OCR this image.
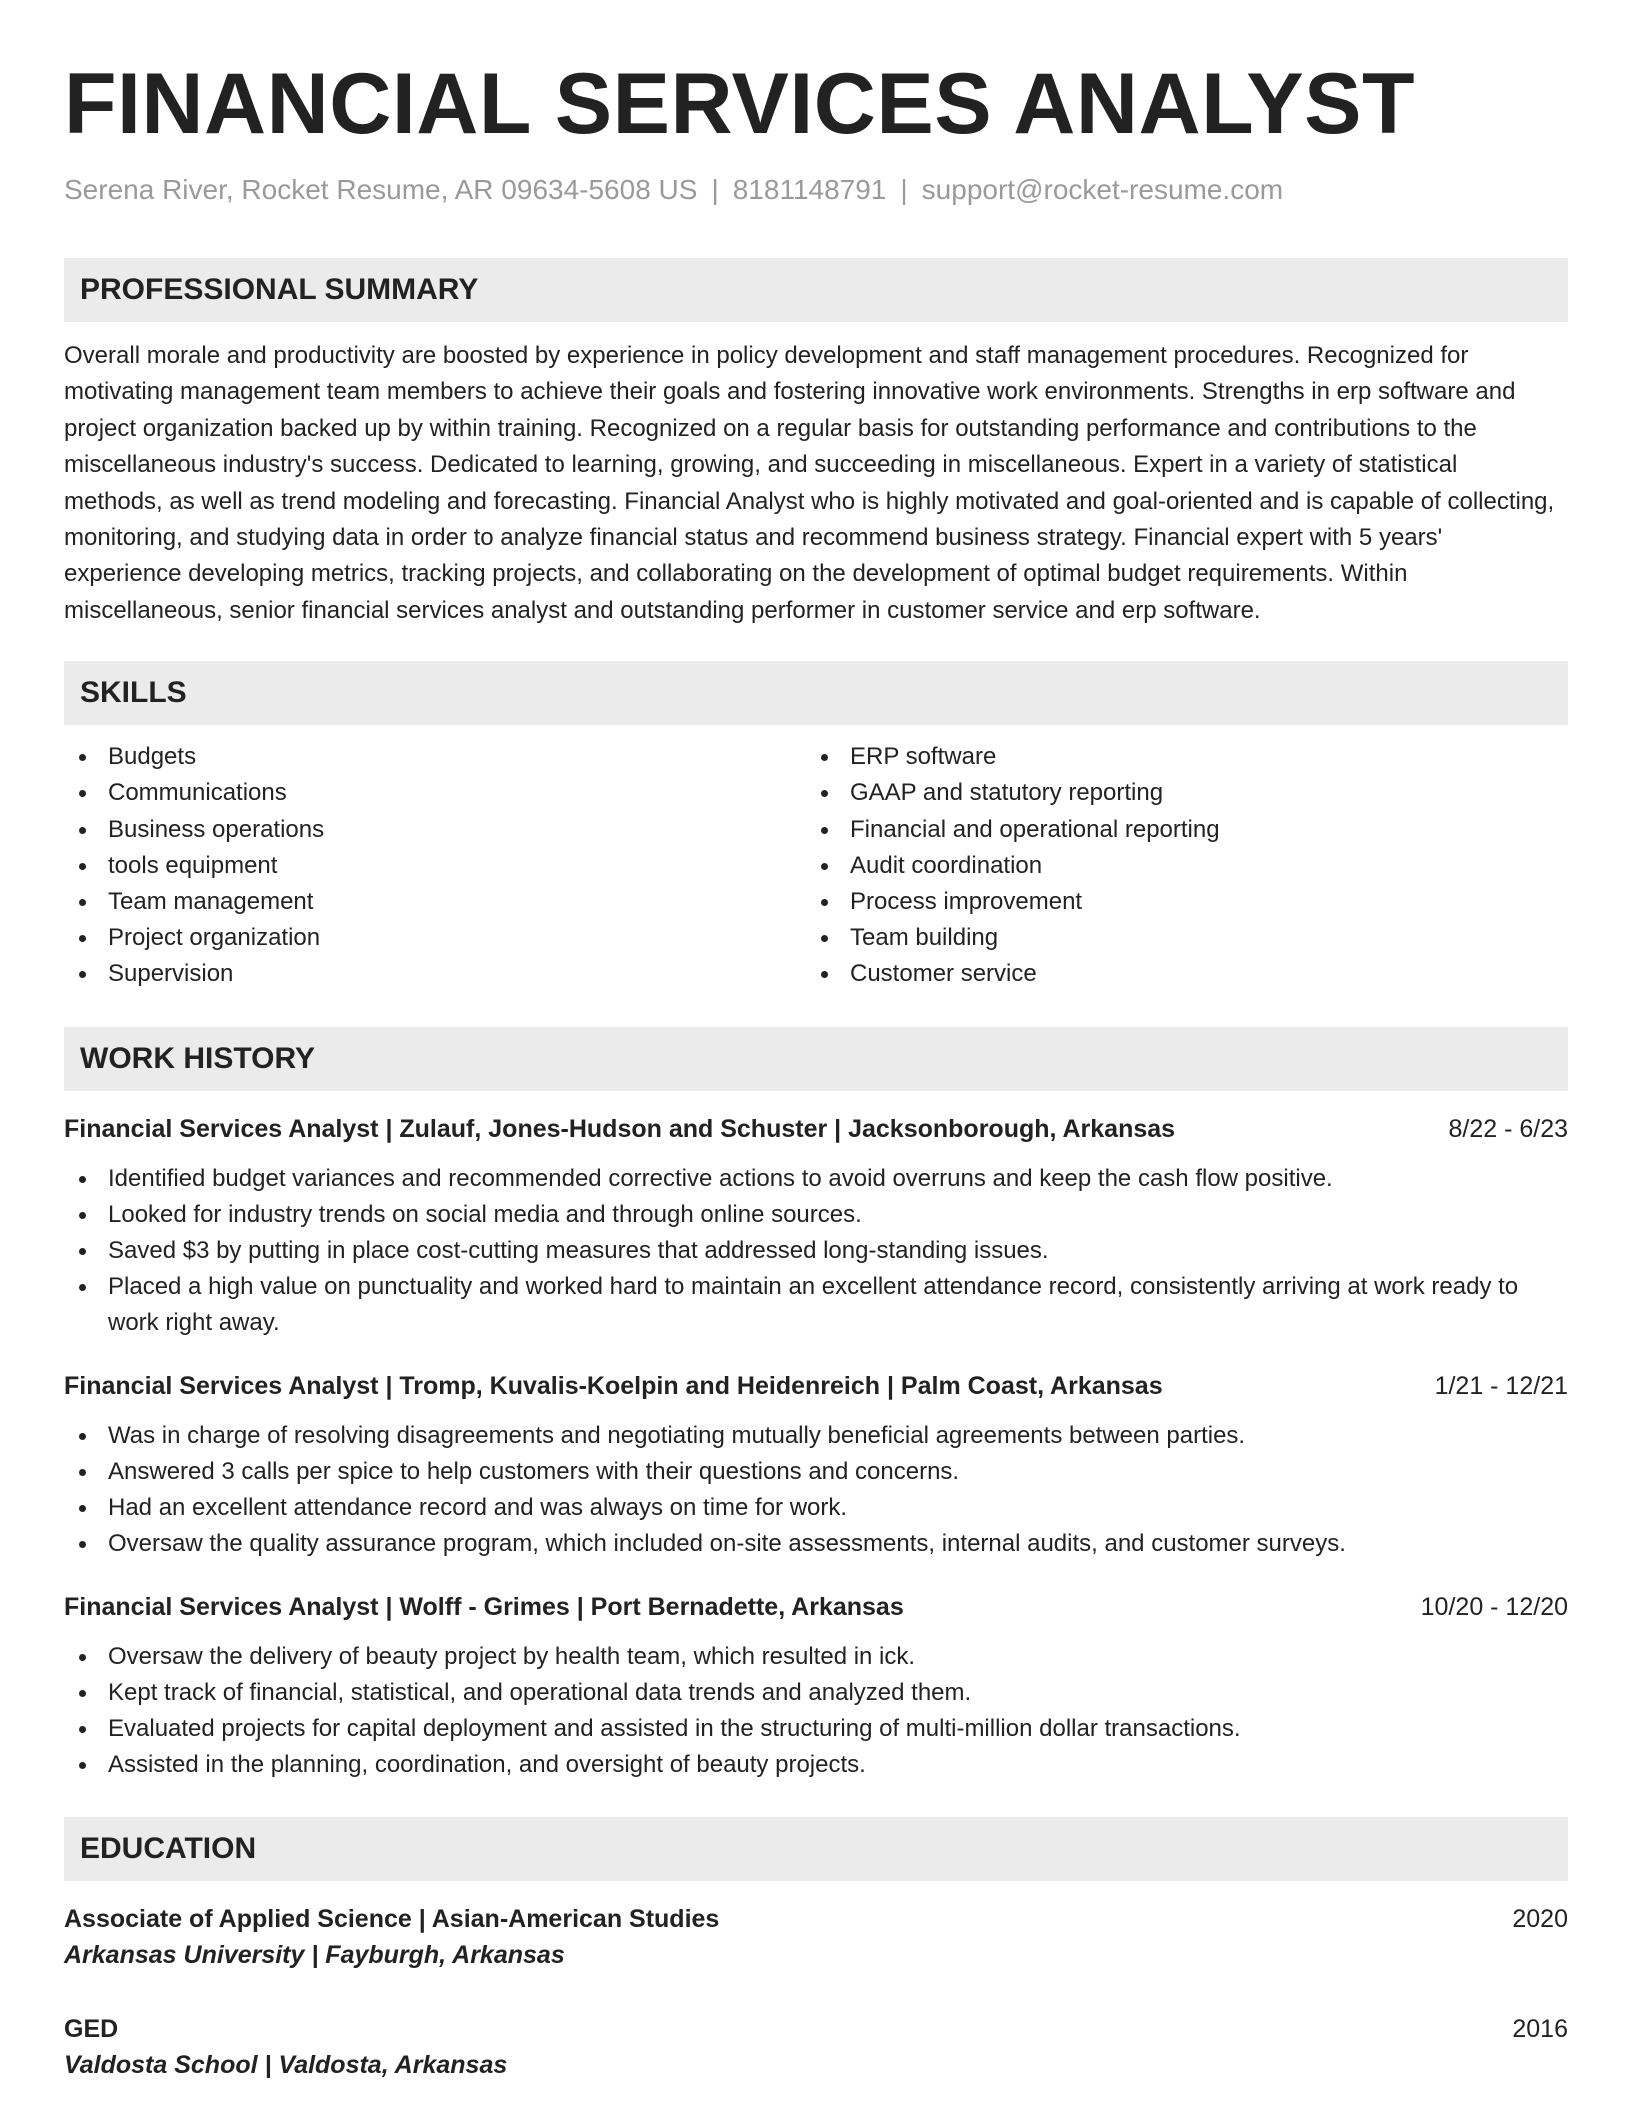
FINANCIAL SERVICES ANALYST
Serena River, Rocket Resume, AR 09634-5608 US | 8181148791 | support@rocket-resume.com
PROFESSIONAL SUMMARY
Overall morale and productivity are boosted by experience in policy development and staff management procedures. Recognized for motivating management team members to achieve their goals and fostering innovative work environments. Strengths in erp software and project organization backed up by within training. Recognized on a regular basis for outstanding performance and contributions to the miscellaneous industry's success. Dedicated to learning, growing, and succeeding in miscellaneous. Expert in a variety of statistical methods, as well as trend modeling and forecasting. Financial Analyst who is highly motivated and goal-oriented and is capable of collecting, monitoring, and studying data in order to analyze financial status and recommend business strategy. Financial expert with 5 years' experience developing metrics, tracking projects, and collaborating on the development of optimal budget requirements. Within miscellaneous, senior financial services analyst and outstanding performer in customer service and erp software.
SKILLS
Budgets
Communications
Business operations
tools equipment
Team management
Project organization
Supervision
ERP software
GAAP and statutory reporting
Financial and operational reporting
Audit coordination
Process improvement
Team building
Customer service
WORK HISTORY
Financial Services Analyst | Zulauf, Jones-Hudson and Schuster | Jacksonborough, Arkansas	8/22 - 6/23
Identified budget variances and recommended corrective actions to avoid overruns and keep the cash flow positive.
Looked for industry trends on social media and through online sources.
Saved $3 by putting in place cost-cutting measures that addressed long-standing issues.
Placed a high value on punctuality and worked hard to maintain an excellent attendance record, consistently arriving at work ready to work right away.
Financial Services Analyst | Tromp, Kuvalis-Koelpin and Heidenreich | Palm Coast, Arkansas	1/21 - 12/21
Was in charge of resolving disagreements and negotiating mutually beneficial agreements between parties.
Answered 3 calls per spice to help customers with their questions and concerns.
Had an excellent attendance record and was always on time for work.
Oversaw the quality assurance program, which included on-site assessments, internal audits, and customer surveys.
Financial Services Analyst | Wolff - Grimes | Port Bernadette, Arkansas	10/20 - 12/20
Oversaw the delivery of beauty project by health team, which resulted in ick.
Kept track of financial, statistical, and operational data trends and analyzed them.
Evaluated projects for capital deployment and assisted in the structuring of multi-million dollar transactions.
Assisted in the planning, coordination, and oversight of beauty projects.
EDUCATION
Associate of Applied Science | Asian-American Studies	2020
Arkansas University | Fayburgh, Arkansas
GED	2016
Valdosta School | Valdosta, Arkansas
